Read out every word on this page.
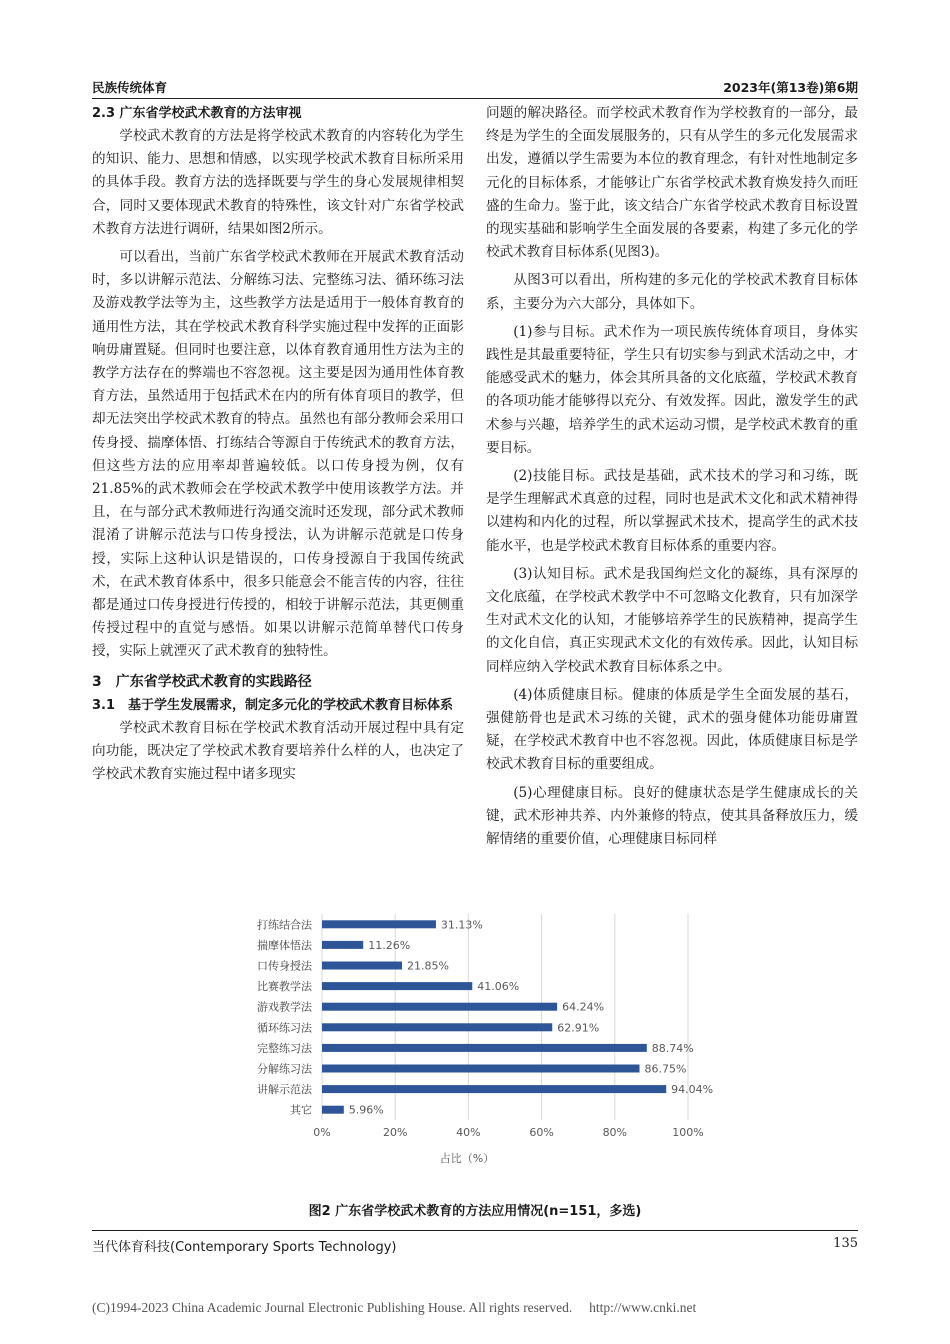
民族传统体育	2023年(第13卷)第6期
2.3 广东省学校武术教育的方法审视

学校武术教育的方法是将学校武术教育的内容转化为学生的知识、能力、思想和情感，以实现学校武术教育目标所采用的具体手段。教育方法的选择既要与学生的身心发展规律相契合，同时又要体现武术教育的特殊性，该文针对广东省学校武术教育方法进行调研，结果如图2所示。

可以看出，当前广东省学校武术教师在开展武术教育活动时，多以讲解示范法、分解练习法、完整练习法、循环练习法及游戏教学法等为主，这些教学方法是适用于一般体育教育的通用性方法，其在学校武术教育科学实施过程中发挥的正面影响毋庸置疑。但同时也要注意，以体育教育通用性方法为主的教学方法存在的弊端也不容忽视。这主要是因为通用性体育教育方法，虽然适用于包括武术在内的所有体育项目的教学，但却无法突出学校武术教育的特点。虽然也有部分教师会采用口传身授、揣摩体悟、打练结合等源自于传统武术的教育方法，但这些方法的应用率却普遍较低。以口传身授为例，仅有21.85%的武术教师会在学校武术教学中使用该教学方法。并且，在与部分武术教师进行沟通交流时还发现，部分武术教师混淆了讲解示范法与口传身授法，认为讲解示范就是口传身授，实际上这种认识是错误的，口传身授源自于我国传统武术，在武术教育体系中，很多只能意会不能言传的内容，往往都是通过口传身授进行传授的，相较于讲解示范法，其更侧重传授过程中的直觉与感悟。如果以讲解示范简单替代口传身授，实际上就湮灭了武术教育的独特性。

3　广东省学校武术教育的实践路径
3.1　基于学生发展需求，制定多元化的学校武术教育目标体系

学校武术教育目标在学校武术教育活动开展过程中具有定向功能，既决定了学校武术教育要培养什么样的人，也决定了学校武术教育实施过程中诸多现实

问题的解决路径。而学校武术教育作为学校教育的一部分，最终是为学生的全面发展服务的，只有从学生的多元化发展需求出发，遵循以学生需要为本位的教育理念，有针对性地制定多元化的目标体系，才能够让广东省学校武术教育焕发持久而旺盛的生命力。鉴于此，该文结合广东省学校武术教育目标设置的现实基础和影响学生全面发展的各要素，构建了多元化的学校武术教育目标体系(见图3)。

从图3可以看出，所构建的多元化的学校武术教育目标体系，主要分为六大部分，具体如下。

(1)参与目标。武术作为一项民族传统体育项目，身体实践性是其最重要特征，学生只有切实参与到武术活动之中，才能感受武术的魅力，体会其所具备的文化底蕴，学校武术教育的各项功能才能够得以充分、有效发挥。因此，激发学生的武术参与兴趣，培养学生的武术运动习惯，是学校武术教育的重要目标。

(2)技能目标。武技是基础，武术技术的学习和习练，既是学生理解武术真意的过程，同时也是武术文化和武术精神得以建构和内化的过程，所以掌握武术技术，提高学生的武术技能水平，也是学校武术教育目标体系的重要内容。

(3)认知目标。武术是我国绚烂文化的凝练，具有深厚的文化底蕴，在学校武术教学中不可忽略文化教育，只有加深学生对武术文化的认知，才能够培养学生的民族精神，提高学生的文化自信，真正实现武术文化的有效传承。因此，认知目标同样应纳入学校武术教育目标体系之中。

(4)体质健康目标。健康的体质是学生全面发展的基石，强健筋骨也是武术习练的关键，武术的强身健体功能毋庸置疑，在学校武术教育中也不容忽视。因此，体质健康目标是学校武术教育目标的重要组成。

(5)心理健康目标。良好的健康状态是学生健康成长的关键，武术形神共养、内外兼修的特点，使其具备释放压力，缓解情绪的重要价值，心理健康目标同样

0%	20%	40%	60%	80%	100%
打练结合法	31.13%
揣摩体悟法	11.26%
口传身授法	21.85%
比赛教学法	41.06%
游戏教学法	64.24%
循环练习法	62.91%
完整练习法	88.74%
分解练习法	86.75%
讲解示范法	94.04%
其它	5.96%
占比（%）
图2 广东省学校武术教育的方法应用情况(n=151，多选)
当代体育科技(Contemporary Sports Technology)	135
(C)1994-2023 China Academic Journal Electronic Publishing House. All rights reserved.　 http://www.cnki.net
